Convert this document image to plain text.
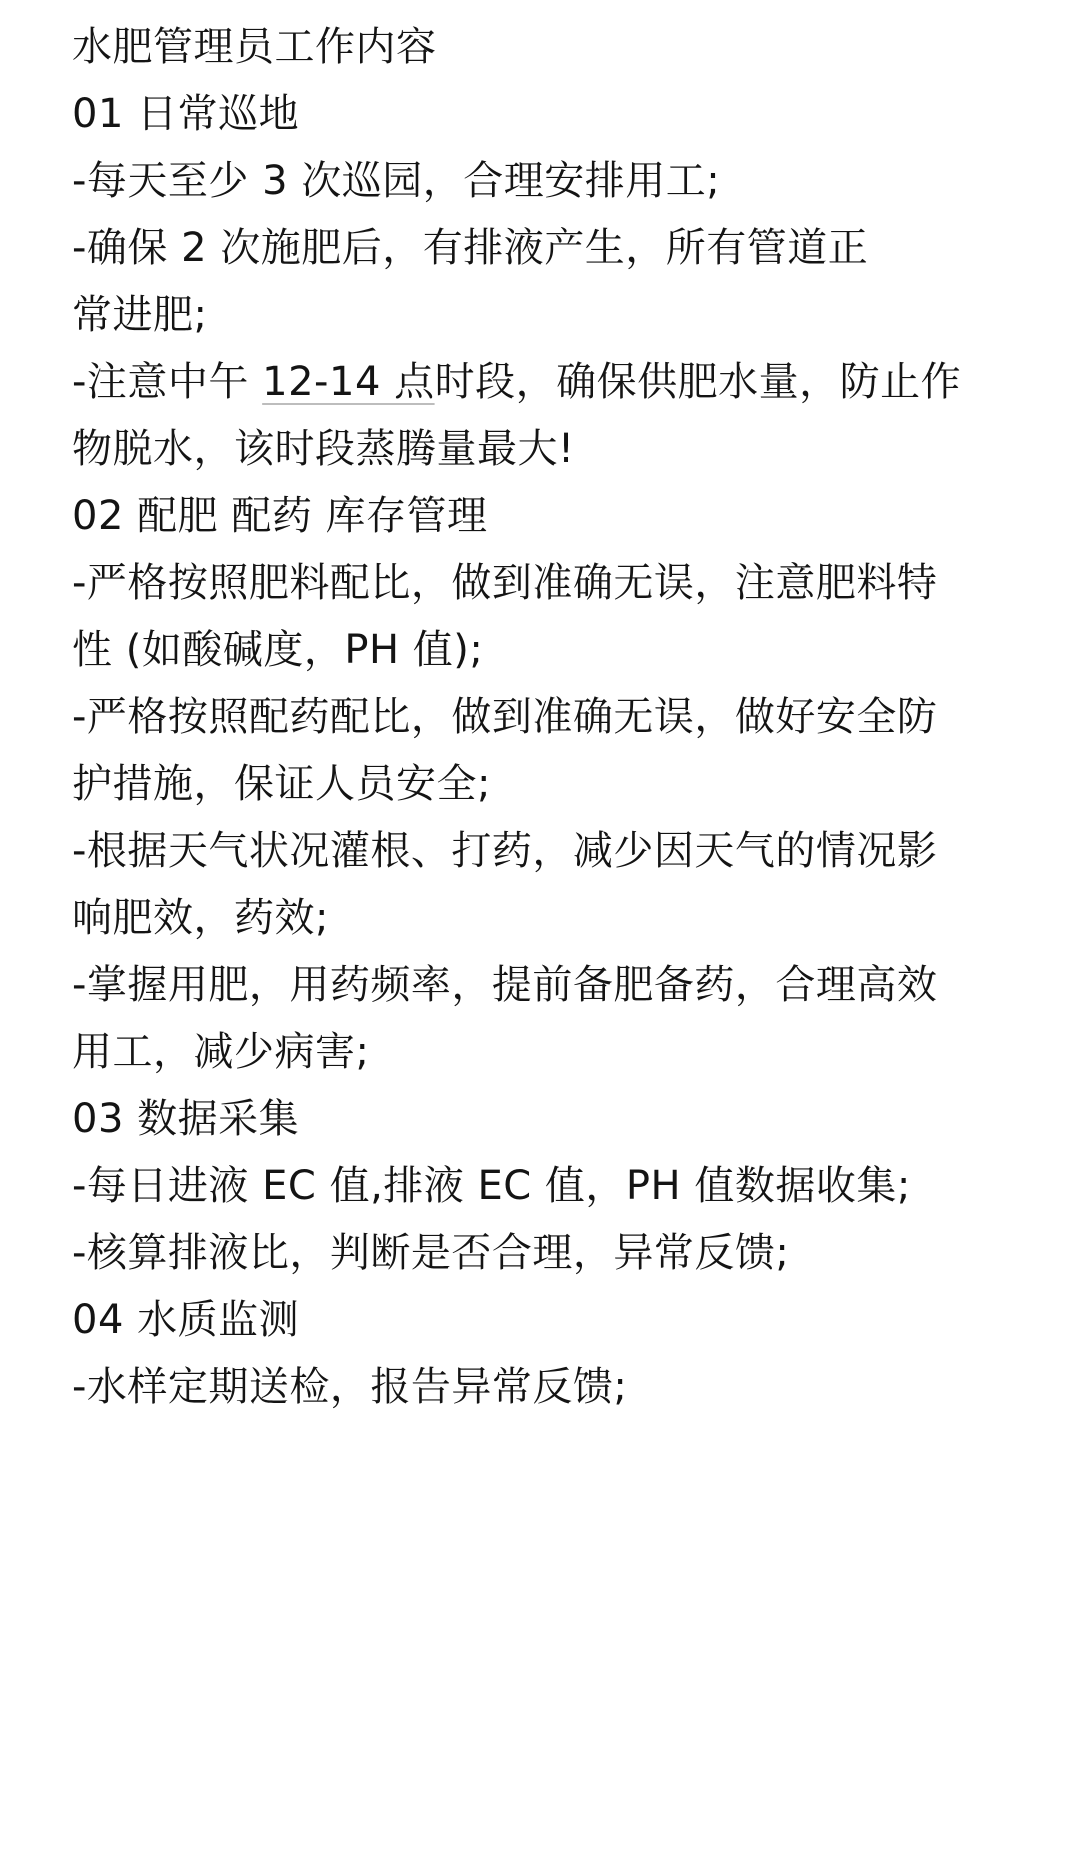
水肥管理员工作内容

01 日常巡地

-每天至少 3 次巡园，合理安排用工;

-确保 2 次施肥后，有排液产生，所有管道正

常进肥;

-注意中午 12-14 点时段，确保供肥水量，防止作

物脱水，该时段蒸腾量最大!

02 配肥 配药 库存管理

-严格按照肥料配比，做到准确无误，注意肥料特

性 (如酸碱度，PH 值);

-严格按照配药配比，做到准确无误，做好安全防

护措施，保证人员安全;

-根据天气状况灌根、打药，减少因天气的情况影

响肥效，药效;

-掌握用肥，用药频率，提前备肥备药，合理高效

用工，减少病害;

03 数据采集

-每日进液 EC 值,排液 EC 值，PH 值数据收集;

-核算排液比，判断是否合理，异常反馈;

04 水质监测

-水样定期送检，报告异常反馈;
